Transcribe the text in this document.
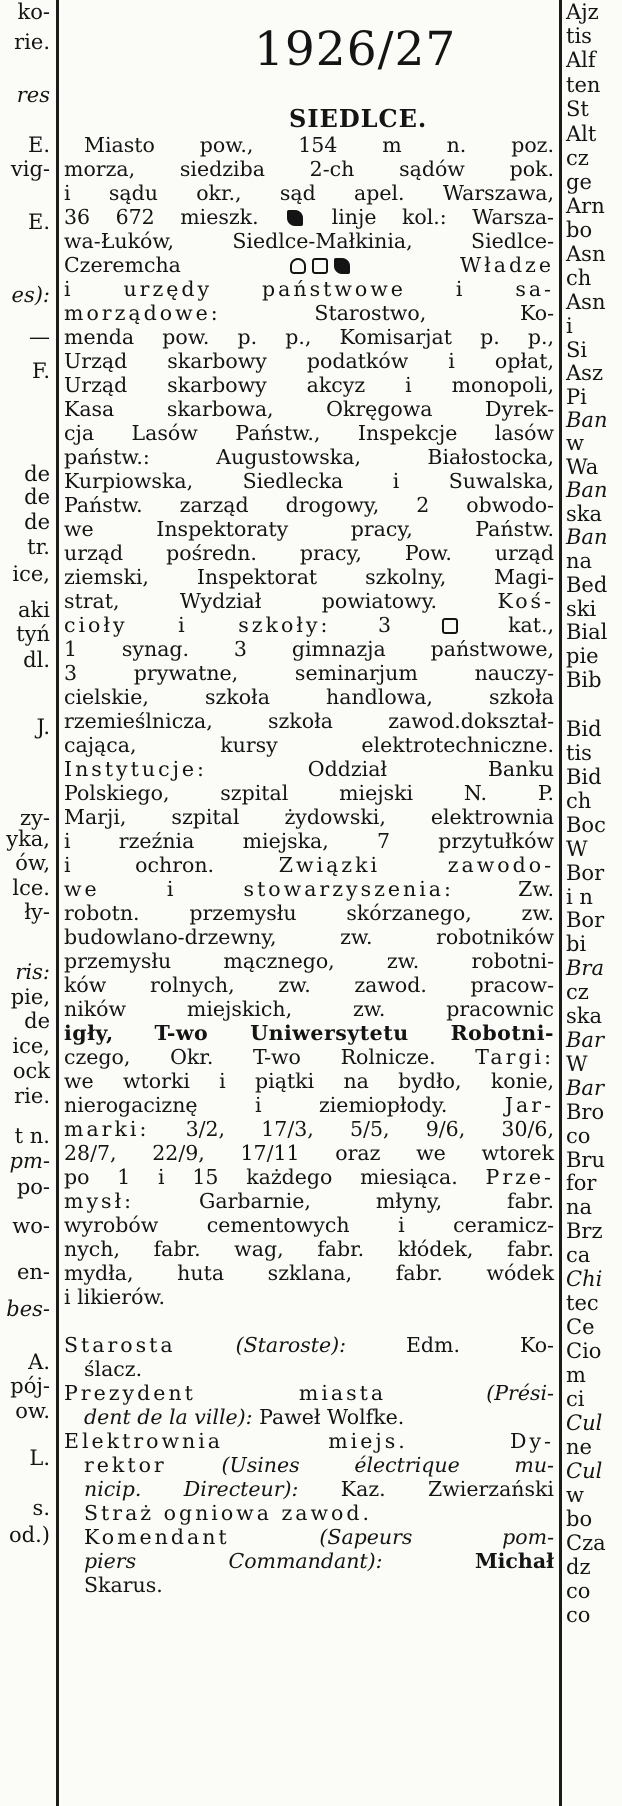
ko-
rie.
res
E.
vig-
E.
es):
—
F.
de
de
de
tr.
ice,
aki
tyń
dl.
J.
zy-
yka,
ów,
lce.
ły-
ris:
pie,
de
ice,
ock
rie.
t n.
pm-
po-
wo-
en-
bes-
A.
pój-
ow.
L.
s.
od.)
Ajz
tis
Alf
ten
St
Alt
cz
ge
Arn
bo
Asn
ch
Asn
i
Si
Asz
Pi
Ban
w
Wa
Ban
ska
Ban
na
Bed
ski
Bial
pie
Bib
Bid
tis
Bid
ch
Boc
W
Bor
i n
Bor
bi
Bra
cz
ska
Bar
W
Bar
Bro
co
Bru
for
na
Brz
ca
Chi
tec
Ce
Cio
m
ci
Cul
ne
Cul
w
bo
Cza
dz
co
co
1926/27
SIEDLCE.
Miasto pow., 154 m n. poz.
morza, siedziba 2-ch sądów pok.
i sądu okr., sąd apel. Warszawa,
36 672 mieszk.	linje kol.: Warsza-
wa-Łuków, Siedlce-Małkinia, Siedlce-
Czeremcha	Władze
i urzędy państwowe i sa-
morządowe:	Starostwo, Ko-
menda pow. p. p., Komisarjat p. p.,
Urząd skarbowy podatków i opłat,
Urząd skarbowy akcyz i monopoli,
Kasa skarbowa, Okręgowa Dyrek-
cja Lasów Państw., Inspekcje lasów
państw.: Augustowska, Białostocka,
Kurpiowska, Siedlecka i Suwalska,
Państw. zarząd drogowy, 2 obwodo-
we Inspektoraty pracy, Państw.
urząd pośredn. pracy, Pow. urząd
ziemski, Inspektorat szkolny, Magi-
strat, Wydział powiatowy.	Koś-
cioły i szkoły: 3	kat.,
1 synag. 3 gimnazja państwowe,
3 prywatne, seminarjum nauczy-
cielskie, szkoła handlowa, szkoła
rzemieślnicza, szkoła zawod.dokształ-
cająca, kursy elektrotechniczne.
Instytucje:	Oddział Banku
Polskiego, szpital miejski N. P.
Marji, szpital żydowski, elektrownia
i rzeźnia miejska, 7 przytułków
i ochron.	Związki zawodo-
we i stowarzyszenia:	Zw.
robotn. przemysłu skórzanego, zw.
budowlano-drzewny, zw. robotników
przemysłu mącznego, zw. robotni-
ków rolnych, zw. zawod. pracow-
ników miejskich, zw. pracownic
igły, T-wo Uniwersytetu Robotni-
czego, Okr. T-wo Rolnicze. Targi:
we wtorki i piątki na bydło, konie,
nierogaciznę i ziemiopłody.	Jar-
marki: 3/2, 17/3, 5/5, 9/6, 30/6,
28/7, 22/9, 17/11 oraz we wtorek
po 1 i 15 każdego miesiąca. Prze-
mysł:	Garbarnie, młyny, fabr.
wyrobów cementowych i ceramicz-
nych, fabr. wag, fabr. kłódek, fabr.
mydła, huta szklana, fabr. wódek
i likierów.
Starosta	(Staroste):	Edm. Ko-
ślacz.
Prezydent miasta	(Prési-
dent de la ville): Paweł Wolfke.
Elektrownia miejs.	Dy-
rektor	(Usines électrique mu-
nicip. Directeur): Kaz. Zwierzański
Straż ogniowa zawod.
Komendant	(Sapeurs pom-
piers Commandant):	Michał
Skarus.
